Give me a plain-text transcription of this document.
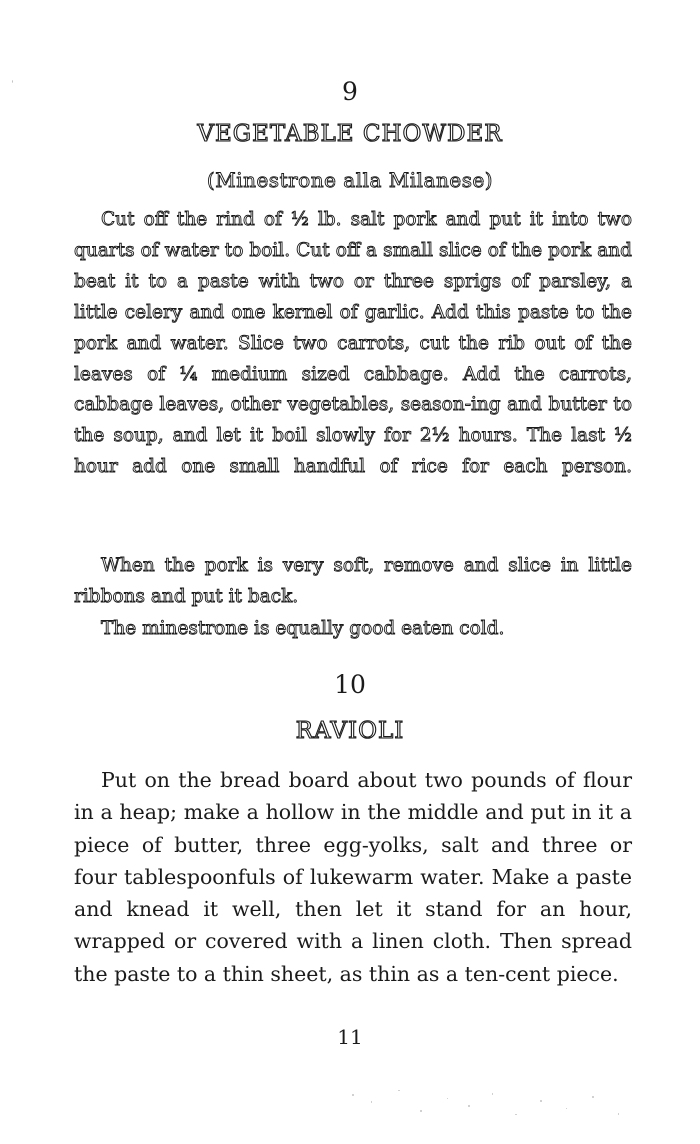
9
VEGETABLE CHOWDER
(Minestrone alla Milanese)
Cut off the rind of ½ lb. salt pork and put it into two quarts of water to boil. Cut off a small slice of the pork and beat it to a paste with two or three sprigs of parsley, a little celery and one kernel of garlic. Add this paste to the pork and water. Slice two carrots, cut the rib out of the leaves of ¼ medium sized cabbage. Add the carrots, cabbage leaves, other vegetables, season-ing and butter to the soup, and let it boil slowly for 2½ hours. The last ½ hour add one small handful of rice for each person.
When the pork is very soft, remove and slice in little ribbons and put it back.
The minestrone is equally good eaten cold.
10
RAVIOLI
Put on the bread board about two pounds of flour in a heap; make a hollow in the middle and put in it a piece of butter, three egg-yolks, salt and three or four tablespoonfuls of lukewarm water. Make a paste and knead it well, then let it stand for an hour, wrapped or covered with a linen cloth. Then spread the paste to a thin sheet, as thin as a ten-cent piece.
11
